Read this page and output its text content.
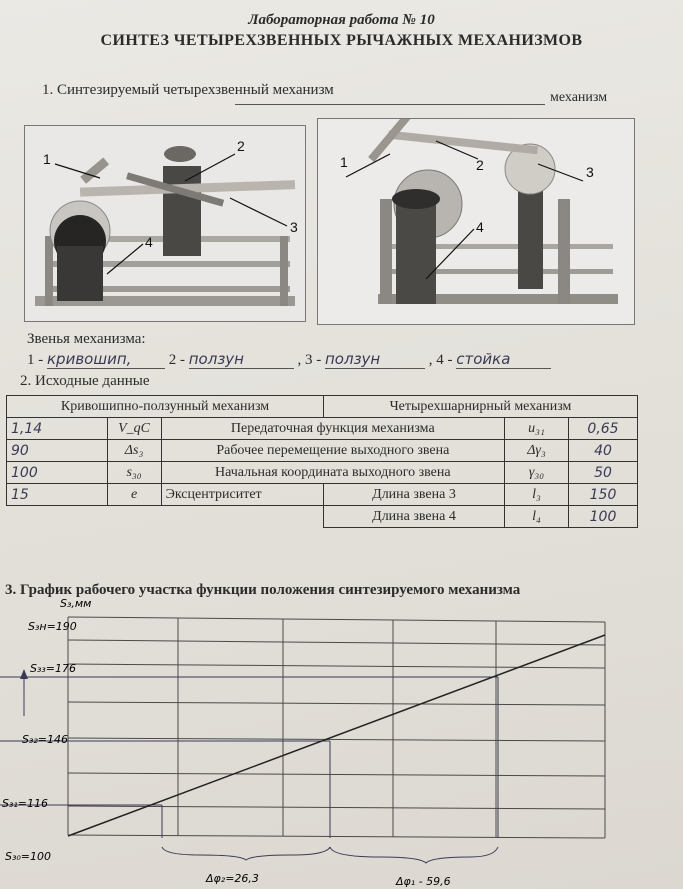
Лабораторная работа № 10
СИНТЕЗ ЧЕТЫРЕХЗВЕННЫХ РЫЧАЖНЫХ МЕХАНИЗМОВ
1. Синтезируемый четырехзвенный механизм	механизм
1
2
3
4
1	2	3
4
Звенья механизма:
1 - кривошип, 2 - ползун	, 3 - ползун	, 4 - стойка
2. Исходные данные
Кривошипно-ползунный механизм			Четырехшарнирный механизм		
1,14	V_qC	Передаточная функция механизма		u₃₁	0,65
90	Δs₃	Рабочее перемещение выходного звена		Δγ₃	40
100	s₃₀	Начальная координата выходного звена		γ₃₀	50
15	e	Эксцентриситет	Длина звена 3	l₃	150
			Длина звена 4	l₄	100
3. График рабочего участка функции положения синтезируемого механизма
S₃,мм
S₃н=190
S₃₃=176
S₃₂=146
S₃₁=116
S₃₀=100
Δφ₂=26,3	Δφ₁ - 59,6
